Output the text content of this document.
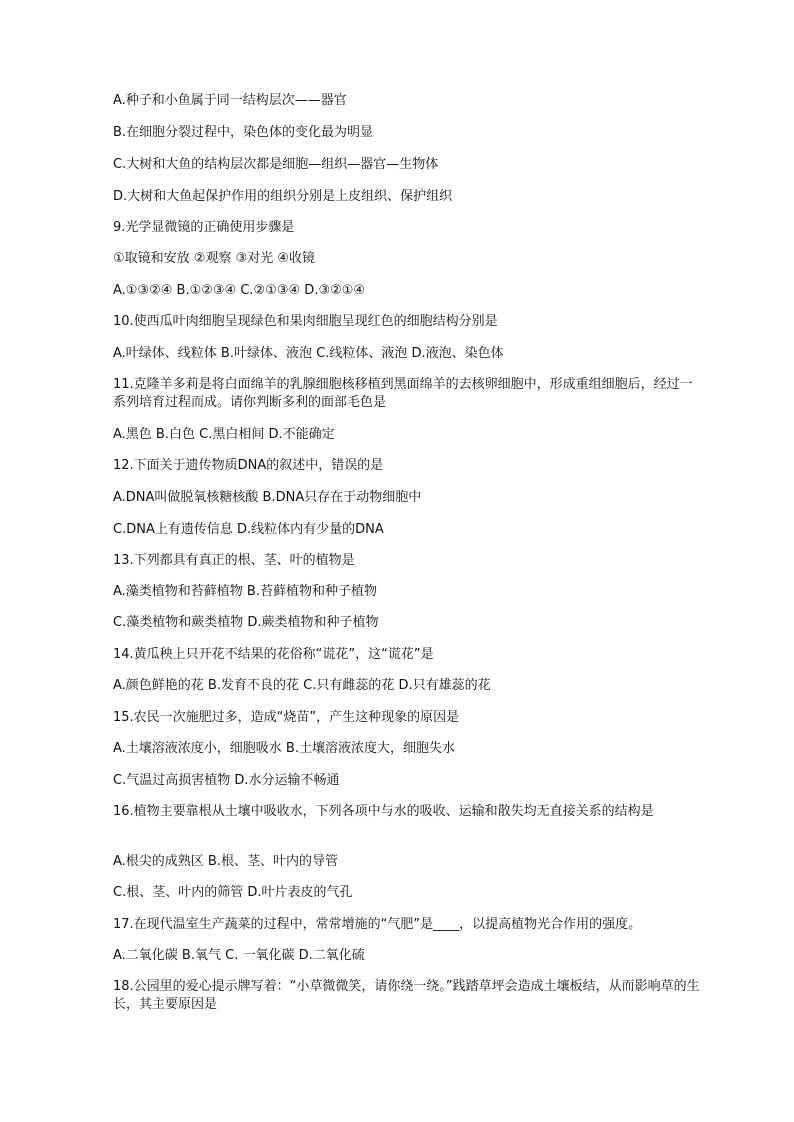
A.种子和小鱼属于同一结构层次——器官
B.在细胞分裂过程中，染色体的变化最为明显
C.大树和大鱼的结构层次都是细胞—组织—器官—生物体
D.大树和大鱼起保护作用的组织分别是上皮组织、保护组织
9.光学显微镜的正确使用步骤是
①取镜和安放 ②观察 ③对光 ④收镜
A.①③②④ B.①②③④ C.②①③④ D.③②①④
10.使西瓜叶肉细胞呈现绿色和果肉细胞呈现红色的细胞结构分别是
A.叶绿体、线粒体 B.叶绿体、液泡 C.线粒体、液泡 D.液泡、染色体
11.克隆羊多莉是将白面绵羊的乳腺细胞核移植到黑面绵羊的去核卵细胞中，形成重组细胞后，经过一系列培育过程而成。请你判断多利的面部毛色是
A.黑色 B.白色 C.黑白相间 D.不能确定
12.下面关于遗传物质DNA的叙述中，错误的是
A.DNA叫做脱氧核糖核酸 B.DNA只存在于动物细胞中
C.DNA上有遗传信息 D.线粒体内有少量的DNA
13.下列都具有真正的根、茎、叶的植物是
A.藻类植物和苔藓植物 B.苔藓植物和种子植物
C.藻类植物和蕨类植物 D.蕨类植物和种子植物
14.黄瓜秧上只开花不结果的花俗称“谎花”，这“谎花”是
A.颜色鲜艳的花 B.发育不良的花 C.只有雌蕊的花 D.只有雄蕊的花
15.农民一次施肥过多，造成“烧苗”，产生这种现象的原因是
A.土壤溶液浓度小，细胞吸水 B.土壤溶液浓度大，细胞失水
C.气温过高损害植物 D.水分运输不畅通
16.植物主要靠根从土壤中吸收水，下列各项中与水的吸收、运输和散失均无直接关系的结构是
A.根尖的成熟区 B.根、茎、叶内的导管
C.根、茎、叶内的筛管 D.叶片表皮的气孔
17.在现代温室生产蔬菜的过程中，常常增施的“气肥”是____，以提高植物光合作用的强度。
A.二氧化碳 B.氧气 C. 一氧化碳 D.二氧化硫
18.公园里的爱心提示牌写着：“小草微微笑，请你绕一绕。”践踏草坪会造成土壤板结，从而影响草的生长，其主要原因是
